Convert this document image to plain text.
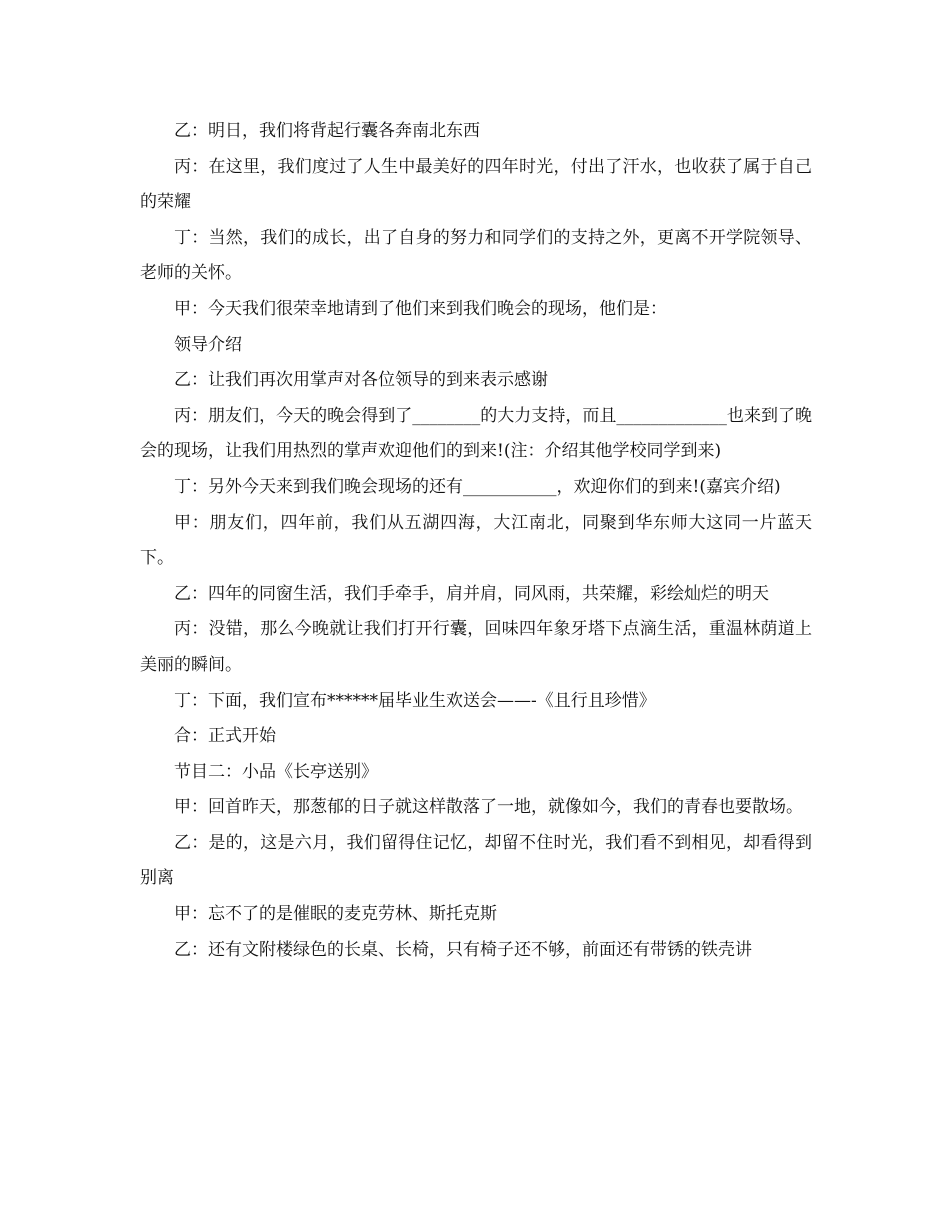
乙：明日，我们将背起行囊各奔南北东西

丙：在这里，我们度过了人生中最美好的四年时光，付出了汗水，也收获了属于自己的荣耀

丁：当然，我们的成长，出了自身的努力和同学们的支持之外，更离不开学院领导、老师的关怀。

甲：今天我们很荣幸地请到了他们来到我们晚会的现场，他们是：

领导介绍

乙：让我们再次用掌声对各位领导的到来表示感谢

丙：朋友们，今天的晚会得到了________的大力支持，而且_____________也来到了晚会的现场，让我们用热烈的掌声欢迎他们的到来!(注：介绍其他学校同学到来)

丁：另外今天来到我们晚会现场的还有___________，欢迎你们的到来!(嘉宾介绍)

甲：朋友们，四年前，我们从五湖四海，大江南北，同聚到华东师大这同一片蓝天下。

乙：四年的同窗生活，我们手牵手，肩并肩，同风雨，共荣耀，彩绘灿烂的明天

丙：没错，那么今晚就让我们打开行囊，回味四年象牙塔下点滴生活，重温林荫道上美丽的瞬间。

丁：下面，我们宣布******届毕业生欢送会——-《且行且珍惜》

合：正式开始

节目二：小品《长亭送别》

甲：回首昨天，那葱郁的日子就这样散落了一地，就像如今，我们的青春也要散场。

乙：是的，这是六月，我们留得住记忆，却留不住时光，我们看不到相见，却看得到别离

甲：忘不了的是催眠的麦克劳林、斯托克斯

乙：还有文附楼绿色的长桌、长椅，只有椅子还不够，前面还有带锈的铁壳讲
